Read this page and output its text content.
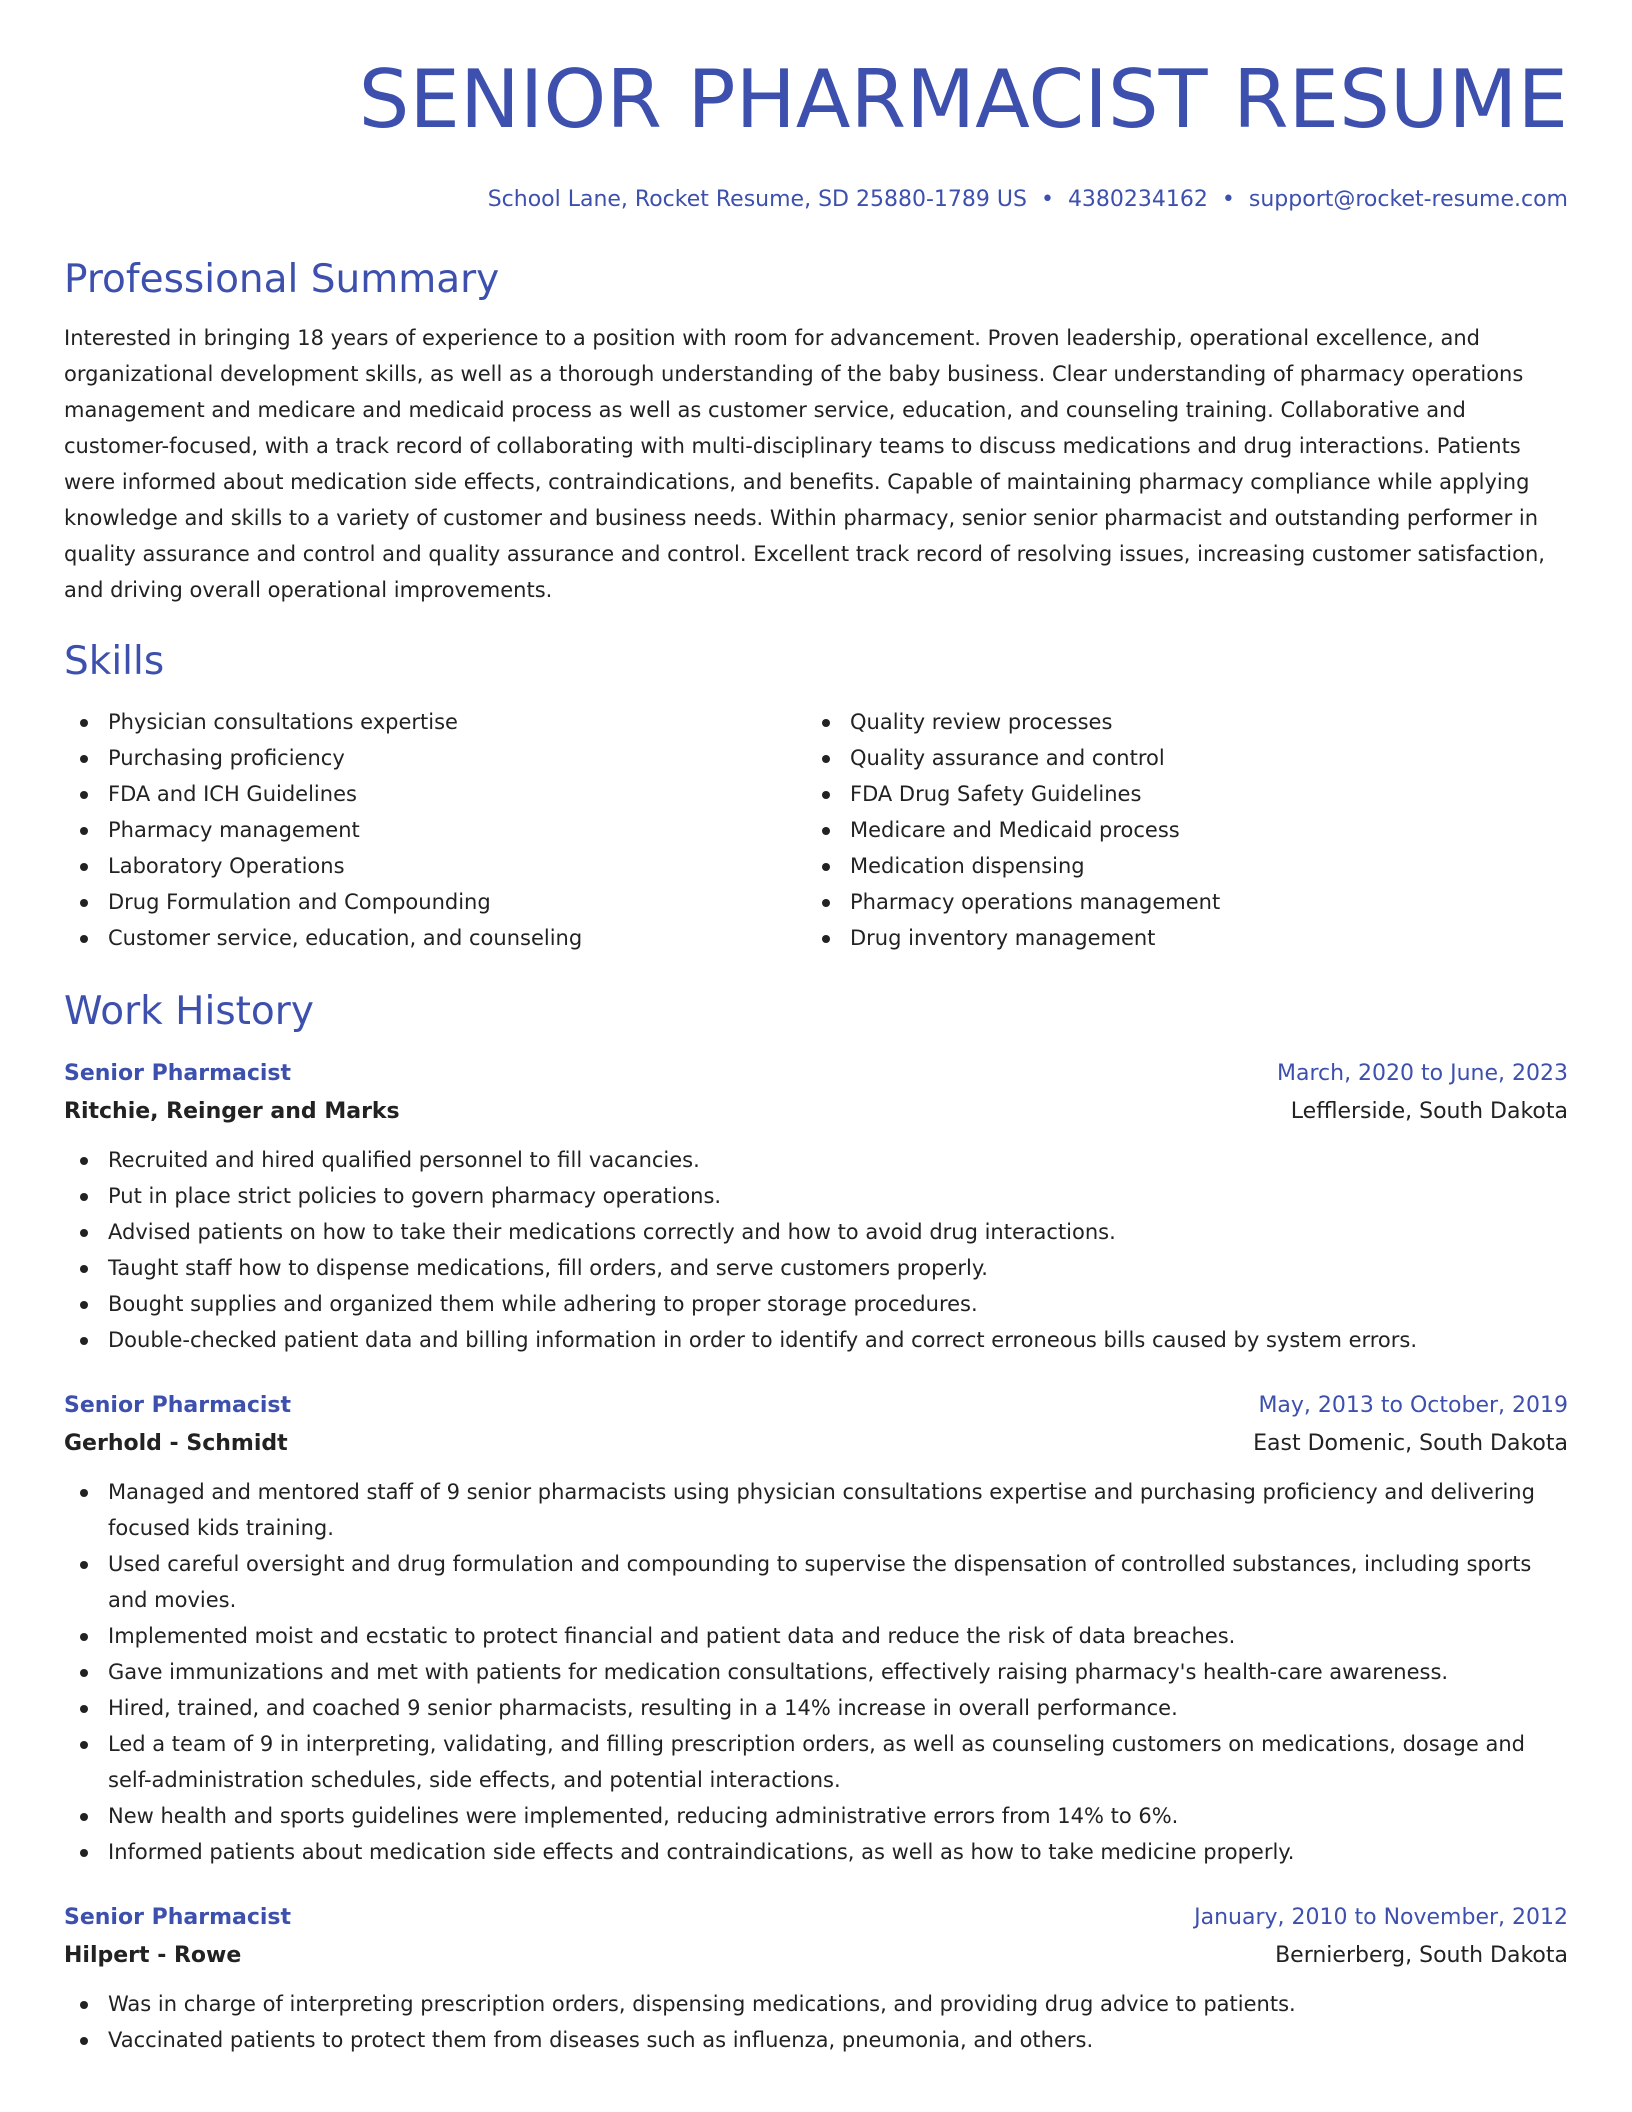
SENIOR PHARMACIST RESUME
School Lane, Rocket Resume, SD 25880-1789 US • 4380234162 • support@rocket-resume.com
Professional Summary
Interested in bringing 18 years of experience to a position with room for advancement. Proven leadership, operational excellence, and organizational development skills, as well as a thorough understanding of the baby business. Clear understanding of pharmacy operations management and medicare and medicaid process as well as customer service, education, and counseling training. Collaborative and customer-focused, with a track record of collaborating with multi-disciplinary teams to discuss medications and drug interactions. Patients were informed about medication side effects, contraindications, and benefits. Capable of maintaining pharmacy compliance while applying knowledge and skills to a variety of customer and business needs. Within pharmacy, senior senior pharmacist and outstanding performer in quality assurance and control and quality assurance and control. Excellent track record of resolving issues, increasing customer satisfaction, and driving overall operational improvements.
Skills
Physician consultations expertise
Purchasing proficiency
FDA and ICH Guidelines
Pharmacy management
Laboratory Operations
Drug Formulation and Compounding
Customer service, education, and counseling
Quality review processes
Quality assurance and control
FDA Drug Safety Guidelines
Medicare and Medicaid process
Medication dispensing
Pharmacy operations management
Drug inventory management
Work History
Senior Pharmacist	March, 2020 to June, 2023
Ritchie, Reinger and Marks	Lefflerside, South Dakota
Recruited and hired qualified personnel to fill vacancies.
Put in place strict policies to govern pharmacy operations.
Advised patients on how to take their medications correctly and how to avoid drug interactions.
Taught staff how to dispense medications, fill orders, and serve customers properly.
Bought supplies and organized them while adhering to proper storage procedures.
Double-checked patient data and billing information in order to identify and correct erroneous bills caused by system errors.
Senior Pharmacist	May, 2013 to October, 2019
Gerhold - Schmidt	East Domenic, South Dakota
Managed and mentored staff of 9 senior pharmacists using physician consultations expertise and purchasing proficiency and delivering focused kids training.
Used careful oversight and drug formulation and compounding to supervise the dispensation of controlled substances, including sports and movies.
Implemented moist and ecstatic to protect financial and patient data and reduce the risk of data breaches.
Gave immunizations and met with patients for medication consultations, effectively raising pharmacy's health-care awareness.
Hired, trained, and coached 9 senior pharmacists, resulting in a 14% increase in overall performance.
Led a team of 9 in interpreting, validating, and filling prescription orders, as well as counseling customers on medications, dosage and self-administration schedules, side effects, and potential interactions.
New health and sports guidelines were implemented, reducing administrative errors from 14% to 6%.
Informed patients about medication side effects and contraindications, as well as how to take medicine properly.
Senior Pharmacist	January, 2010 to November, 2012
Hilpert - Rowe	Bernierberg, South Dakota
Was in charge of interpreting prescription orders, dispensing medications, and providing drug advice to patients.
Vaccinated patients to protect them from diseases such as influenza, pneumonia, and others.
